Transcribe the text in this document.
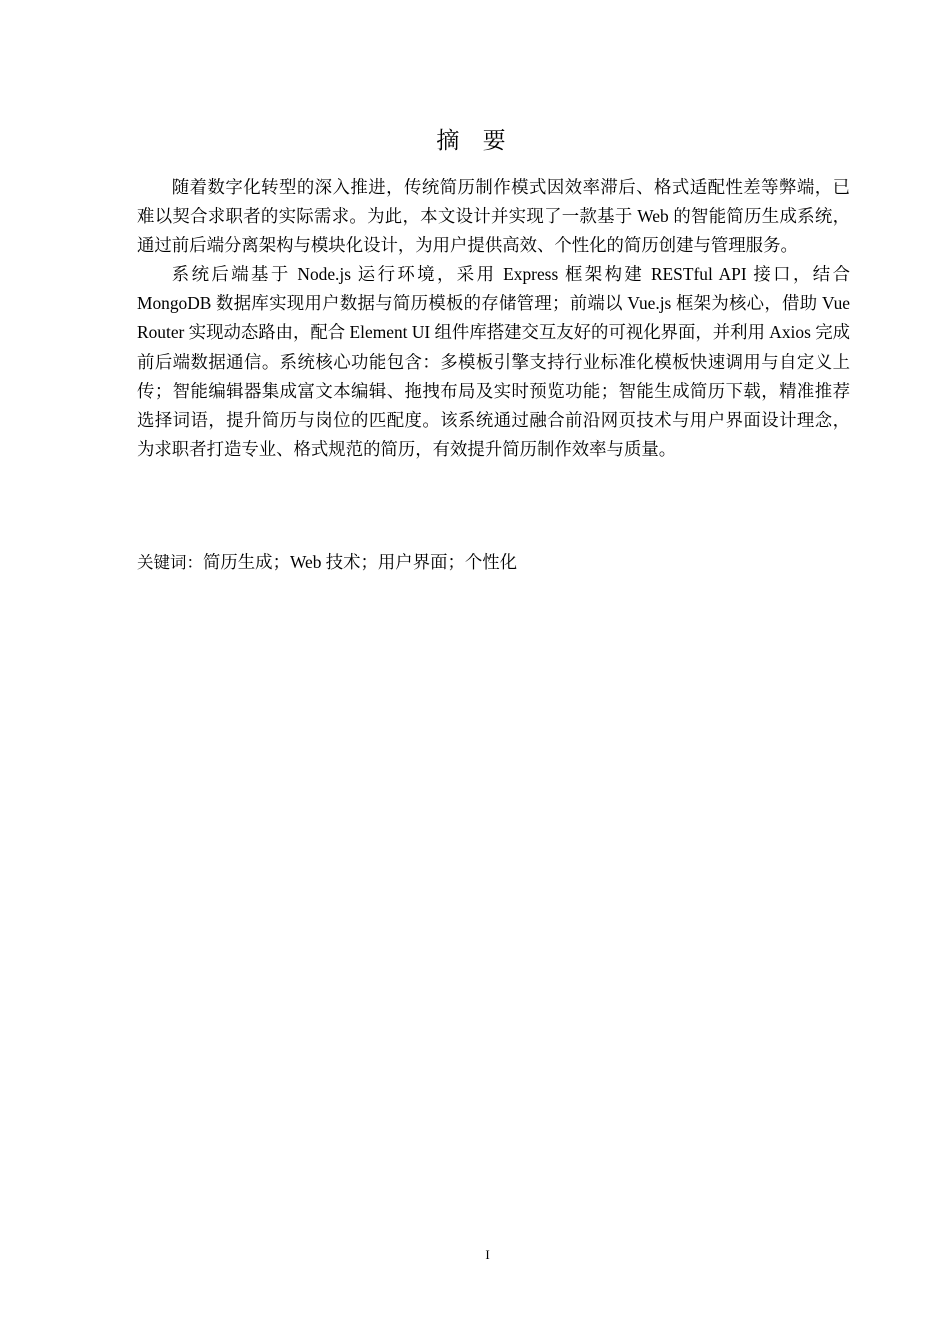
摘 要

随着数字化转型的深入推进，传统简历制作模式因效率滞后、格式适配性差等弊端，已难以契合求职者的实际需求。为此，本文设计并实现了一款基于 Web 的智能简历生成系统，通过前后端分离架构与模块化设计，为用户提供高效、个性化的简历创建与管理服务。

系统后端基于 Node.js 运行环境，采用 Express 框架构建 RESTful API 接口，结合 MongoDB 数据库实现用户数据与简历模板的存储管理；前端以 Vue.js 框架为核心，借助 Vue Router 实现动态路由，配合 Element UI 组件库搭建交互友好的可视化界面，并利用 Axios 完成前后端数据通信。系统核心功能包含：多模板引擎支持行业标准化模板快速调用与自定义上传；智能编辑器集成富文本编辑、拖拽布局及实时预览功能；智能生成简历下载，精准推荐选择词语，提升简历与岗位的匹配度。该系统通过融合前沿网页技术与用户界面设计理念，为求职者打造专业、格式规范的简历，有效提升简历制作效率与质量。

关键词：简历生成；Web 技术；用户界面；个性化
I
